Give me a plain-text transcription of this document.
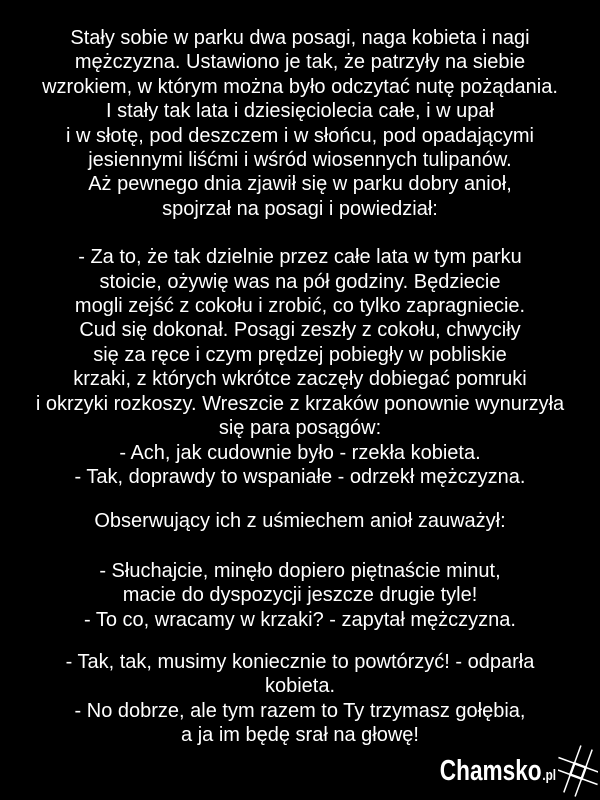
Stały sobie w parku dwa posagi, naga kobieta i nagi
mężczyzna. Ustawiono je tak, że patrzyły na siebie
wzrokiem, w którym można było odczytać nutę pożądania.
I stały tak lata i dziesięciolecia całe, i w upał
i w słotę, pod deszczem i w słońcu, pod opadającymi
jesiennymi liśćmi i wśród wiosennych tulipanów.
Aż pewnego dnia zjawił się w parku dobry anioł,
spojrzał na posagi i powiedział:

- Za to, że tak dzielnie przez całe lata w tym parku
stoicie, ożywię was na pół godziny. Będziecie
mogli zejść z cokołu i zrobić, co tylko zapragniecie.
Cud się dokonał. Posągi zeszły z cokołu, chwyciły
się za ręce i czym prędzej pobiegły w pobliskie
krzaki, z których wkrótce zaczęły dobiegać pomruki
i okrzyki rozkoszy. Wreszcie z krzaków ponownie wynurzyła
się para posągów:
- Ach, jak cudownie było - rzekła kobieta.
- Tak, doprawdy to wspaniałe - odrzekł mężczyzna.

Obserwujący ich z uśmiechem anioł zauważył:

- Słuchajcie, minęło dopiero piętnaście minut,
macie do dyspozycji jeszcze drugie tyle!
- To co, wracamy w krzaki? - zapytał mężczyzna.

- Tak, tak, musimy koniecznie to powtórzyć! - odparła
kobieta.
- No dobrze, ale tym razem to Ty trzymasz gołębia,
a ja im będę srał na głowę!

Chamsko .pl
